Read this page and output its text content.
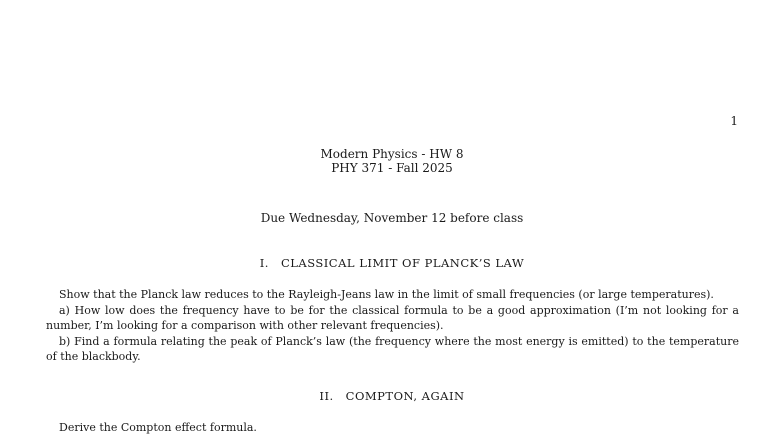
1
Modern Physics - HW 8
PHY 371 - Fall 2025
Due Wednesday, November 12 before class
I. CLASSICAL LIMIT OF PLANCK’S LAW

Show that the Planck law reduces to the Rayleigh-Jeans law in the limit of small frequencies (or large temperatures).

a) How low does the frequency have to be for the classical formula to be a good approximation (I’m not looking for a number, I’m looking for a comparison with other relevant frequencies).

b) Find a formula relating the peak of Planck’s law (the frequency where the most energy is emitted) to the temperature of the blackbody.

II. COMPTON, AGAIN

Derive the Compton effect formula.
